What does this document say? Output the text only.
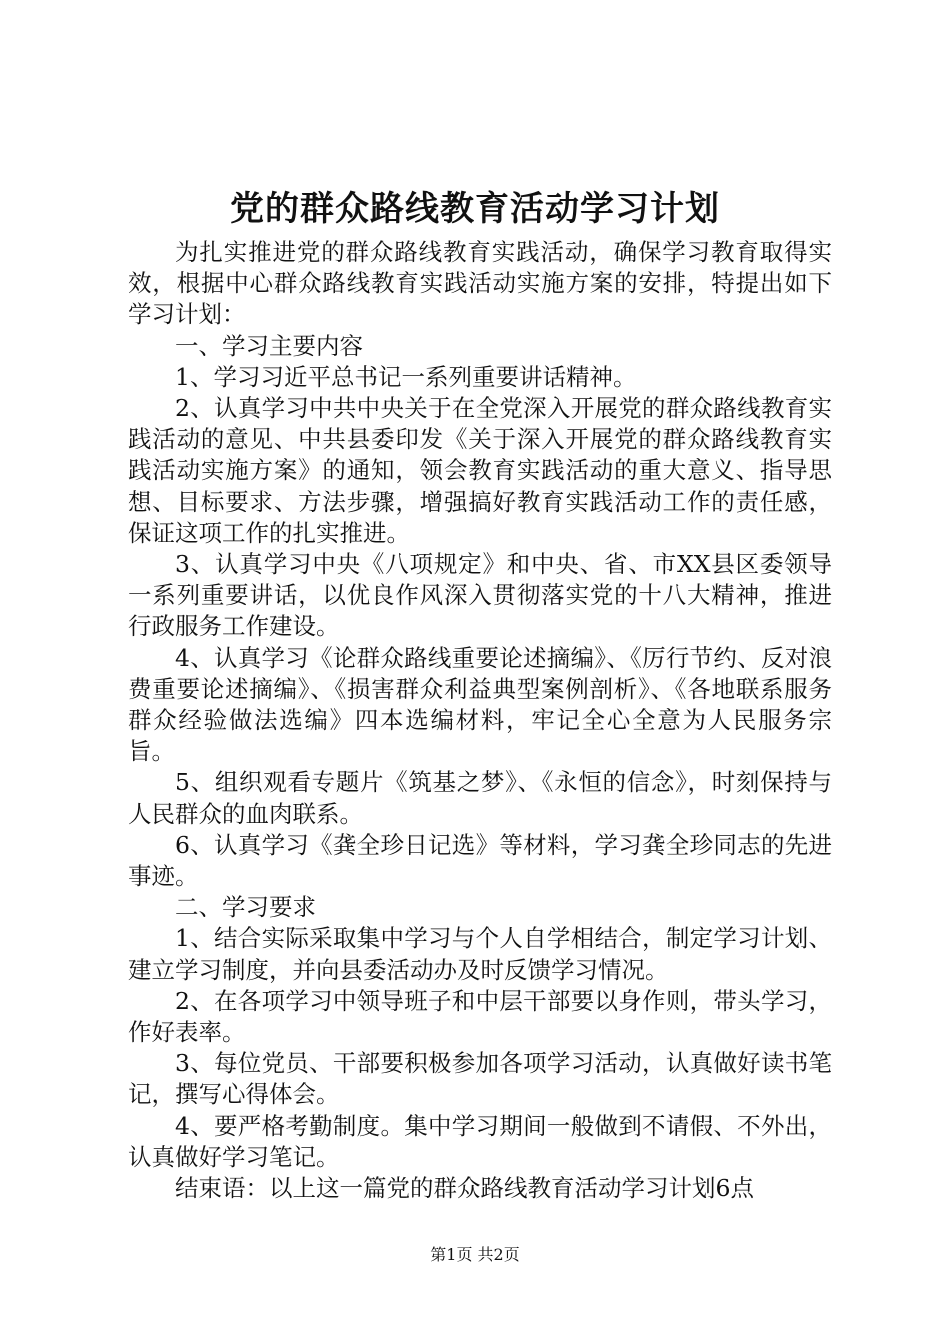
党的群众路线教育活动学习计划

为扎实推进党的群众路线教育实践活动，确保学习教育取得实效，根据中心群众路线教育实践活动实施方案的安排，特提出如下学习计划：

一、学习主要内容

1、学习习近平总书记一系列重要讲话精神。

2、认真学习中共中央关于在全党深入开展党的群众路线教育实践活动的意见、中共县委印发《关于深入开展党的群众路线教育实践活动实施方案》的通知，领会教育实践活动的重大意义、指导思想、目标要求、方法步骤，增强搞好教育实践活动工作的责任感，保证这项工作的扎实推进。

3、认真学习中央《八项规定》和中央、省、市XX县区委领导一系列重要讲话，以优良作风深入贯彻落实党的十八大精神，推进行政服务工作建设。

4、认真学习《论群众路线重要论述摘编》、《厉行节约、反对浪费重要论述摘编》、《损害群众利益典型案例剖析》、《各地联系服务群众经验做法选编》四本选编材料，牢记全心全意为人民服务宗旨。

5、组织观看专题片《筑基之梦》、《永恒的信念》，时刻保持与人民群众的血肉联系。

6、认真学习《龚全珍日记选》等材料，学习龚全珍同志的先进事迹。

二、学习要求

1、结合实际采取集中学习与个人自学相结合，制定学习计划、建立学习制度，并向县委活动办及时反馈学习情况。

2、在各项学习中领导班子和中层干部要以身作则，带头学习，作好表率。

3、每位党员、干部要积极参加各项学习活动，认真做好读书笔记，撰写心得体会。

4、要严格考勤制度。集中学习期间一般做到不请假、不外出，认真做好学习笔记。

结束语：以上这一篇党的群众路线教育活动学习计划6点

第1页 共2页
